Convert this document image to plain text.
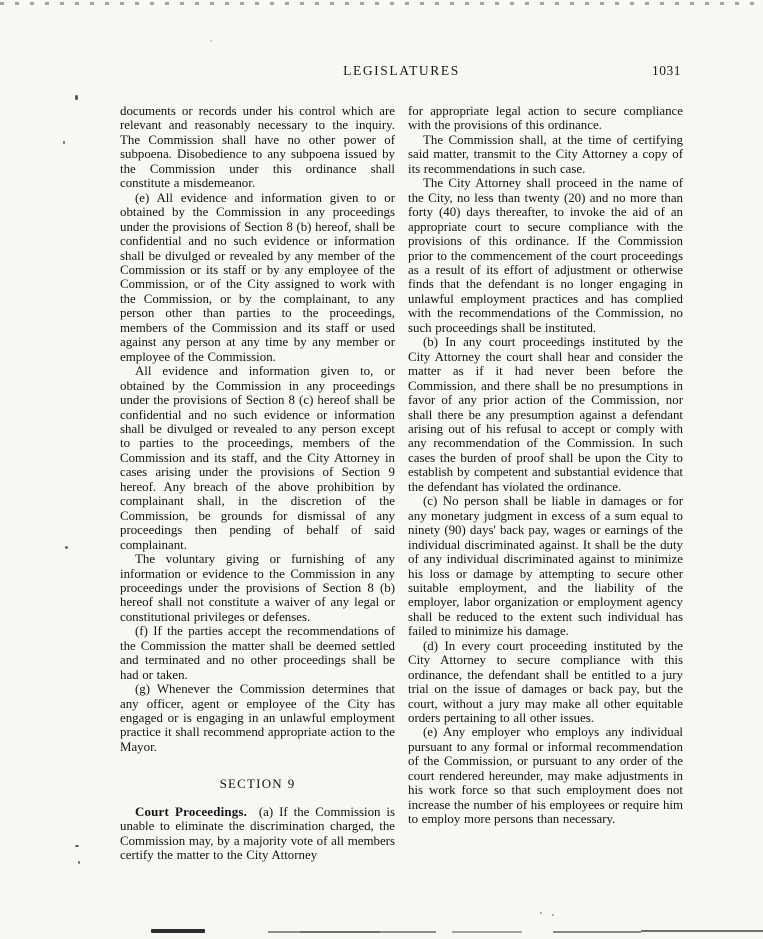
LEGISLATURES	1031

documents or records under his control which are relevant and reasonably necessary to the inquiry. The Commission shall have no other power of subpoena. Disobedience to any subpoena issued by the Commission under this ordinance shall constitute a misdemeanor.

(e) All evidence and information given to or obtained by the Commission in any proceedings under the provisions of Section 8 (b) hereof, shall be confidential and no such evidence or information shall be divulged or revealed by any member of the Commission or its staff or by any employee of the Commission, or of the City assigned to work with the Commission, or by the complainant, to any person other than parties to the proceedings, members of the Commission and its staff or used against any person at any time by any member or employee of the Commission.

All evidence and information given to, or obtained by the Commission in any proceedings under the provisions of Section 8 (c) hereof shall be confidential and no such evidence or information shall be divulged or revealed to any person except to parties to the proceedings, members of the Commission and its staff, and the City Attorney in cases arising under the provisions of Section 9 hereof. Any breach of the above prohibition by complainant shall, in the discretion of the Commission, be grounds for dismissal of any proceedings then pending of behalf of said complainant.

The voluntary giving or furnishing of any information or evidence to the Commission in any proceedings under the provisions of Section 8 (b) hereof shall not constitute a waiver of any legal or constitutional privileges or defenses.

(f) If the parties accept the recommendations of the Commission the matter shall be deemed settled and terminated and no other proceedings shall be had or taken.

(g) Whenever the Commission determines that any officer, agent or employee of the City has engaged or is engaging in an unlawful employment practice it shall recommend appropriate action to the Mayor.

SECTION 9

Court Proceedings. (a) If the Commission is unable to eliminate the discrimination charged, the Commission may, by a majority vote of all members certify the matter to the City Attorney

for appropriate legal action to secure compliance with the provisions of this ordinance.

The Commission shall, at the time of certifying said matter, transmit to the City Attorney a copy of its recommendations in such case.

The City Attorney shall proceed in the name of the City, no less than twenty (20) and no more than forty (40) days thereafter, to invoke the aid of an appropriate court to secure compliance with the provisions of this ordinance. If the Commission prior to the commencement of the court proceedings as a result of its effort of adjustment or otherwise finds that the defendant is no longer engaging in unlawful employment practices and has complied with the recommendations of the Commission, no such proceedings shall be instituted.

(b) In any court proceedings instituted by the City Attorney the court shall hear and consider the matter as if it had never been before the Commission, and there shall be no presumptions in favor of any prior action of the Commission, nor shall there be any presumption against a defendant arising out of his refusal to accept or comply with any recommendation of the Commission. In such cases the burden of proof shall be upon the City to establish by competent and substantial evidence that the defendant has violated the ordinance.

(c) No person shall be liable in damages or for any monetary judgment in excess of a sum equal to ninety (90) days' back pay, wages or earnings of the individual discriminated against. It shall be the duty of any individual discriminated against to minimize his loss or damage by attempting to secure other suitable employment, and the liability of the employer, labor organization or employment agency shall be reduced to the extent such individual has failed to minimize his damage.

(d) In every court proceeding instituted by the City Attorney to secure compliance with this ordinance, the defendant shall be entitled to a jury trial on the issue of damages or back pay, but the court, without a jury may make all other equitable orders pertaining to all other issues.

(e) Any employer who employs any individual pursuant to any formal or informal recommendation of the Commission, or pursuant to any order of the court rendered hereunder, may make adjustments in his work force so that such employment does not increase the number of his employees or require him to employ more persons than necessary.
